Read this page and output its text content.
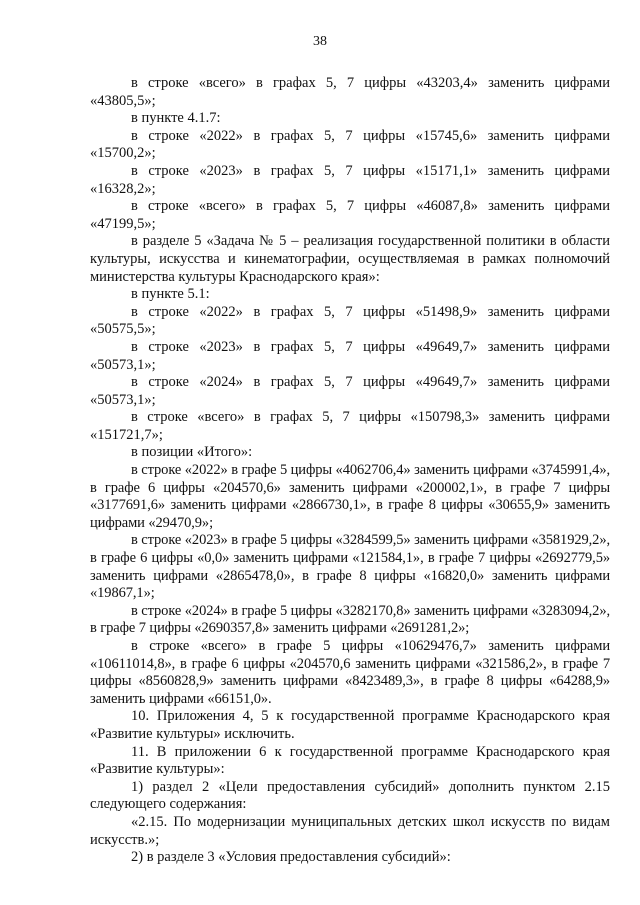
38

в строке «всего» в графах 5, 7 цифры «43203,4» заменить цифрами «43805,5»;

в пункте 4.1.7:

в строке «2022» в графах 5, 7 цифры «15745,6» заменить цифрами «15700,2»;

в строке «2023» в графах 5, 7 цифры «15171,1» заменить цифрами «16328,2»;

в строке «всего» в графах 5, 7 цифры «46087,8» заменить цифрами «47199,5»;

в разделе 5 «Задача № 5 – реализация государственной политики в области культуры, искусства и кинематографии, осуществляемая в рамках полномочий министерства культуры Краснодарского края»:

в пункте 5.1:

в строке «2022» в графах 5, 7 цифры «51498,9» заменить цифрами «50575,5»;

в строке «2023» в графах 5, 7 цифры «49649,7» заменить цифрами «50573,1»;

в строке «2024» в графах 5, 7 цифры «49649,7» заменить цифрами «50573,1»;

в строке «всего» в графах 5, 7 цифры «150798,3» заменить цифрами «151721,7»;

в позиции «Итого»:

в строке «2022» в графе 5 цифры «4062706,4» заменить цифрами «3745991,4», в графе 6 цифры «204570,6» заменить цифрами «200002,1», в графе 7 цифры «3177691,6» заменить цифрами «2866730,1», в графе 8 цифры «30655,9» заменить цифрами «29470,9»;

в строке «2023» в графе 5 цифры «3284599,5» заменить цифрами «3581929,2», в графе 6 цифры «0,0» заменить цифрами «121584,1», в графе 7 цифры «2692779,5» заменить цифрами «2865478,0», в графе 8 цифры «16820,0» заменить цифрами «19867,1»;

в строке «2024» в графе 5 цифры «3282170,8» заменить цифрами «3283094,2», в графе 7 цифры «2690357,8» заменить цифрами «2691281,2»;

в строке «всего» в графе 5 цифры «10629476,7» заменить цифрами «10611014,8», в графе 6 цифры «204570,6 заменить цифрами «321586,2», в графе 7 цифры «8560828,9» заменить цифрами «8423489,3», в графе 8 цифры «64288,9» заменить цифрами «66151,0».

10. Приложения 4, 5 к государственной программе Краснодарского края «Развитие культуры» исключить.

11. В приложении 6 к государственной программе Краснодарского края «Развитие культуры»:

1) раздел 2 «Цели предоставления субсидий» дополнить пунктом 2.15 следующего содержания:

«2.15. По модернизации муниципальных детских школ искусств по видам искусств.»;

2) в разделе 3 «Условия предоставления субсидий»:
